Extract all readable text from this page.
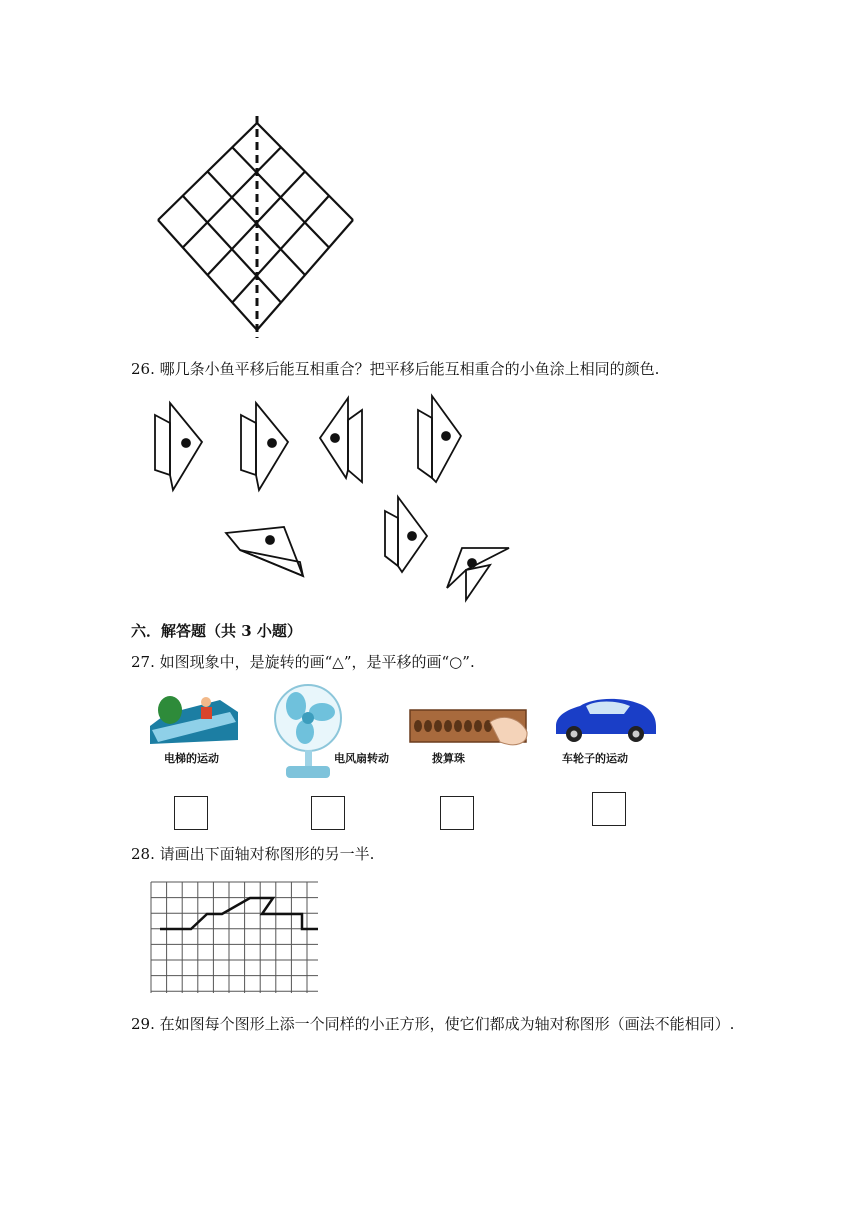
26. 哪几条小鱼平移后能互相重合？把平移后能互相重合的小鱼涂上相同的颜色.
六．解答题（共 3 小题）
27. 如图现象中，是旋转的画“△”，是平移的画“○”.
电梯的运动	电风扇转动	拨算珠	车轮子的运动
28. 请画出下面轴对称图形的另一半.
29. 在如图每个图形上添一个同样的小正方形，使它们都成为轴对称图形（画法不能相同）.
